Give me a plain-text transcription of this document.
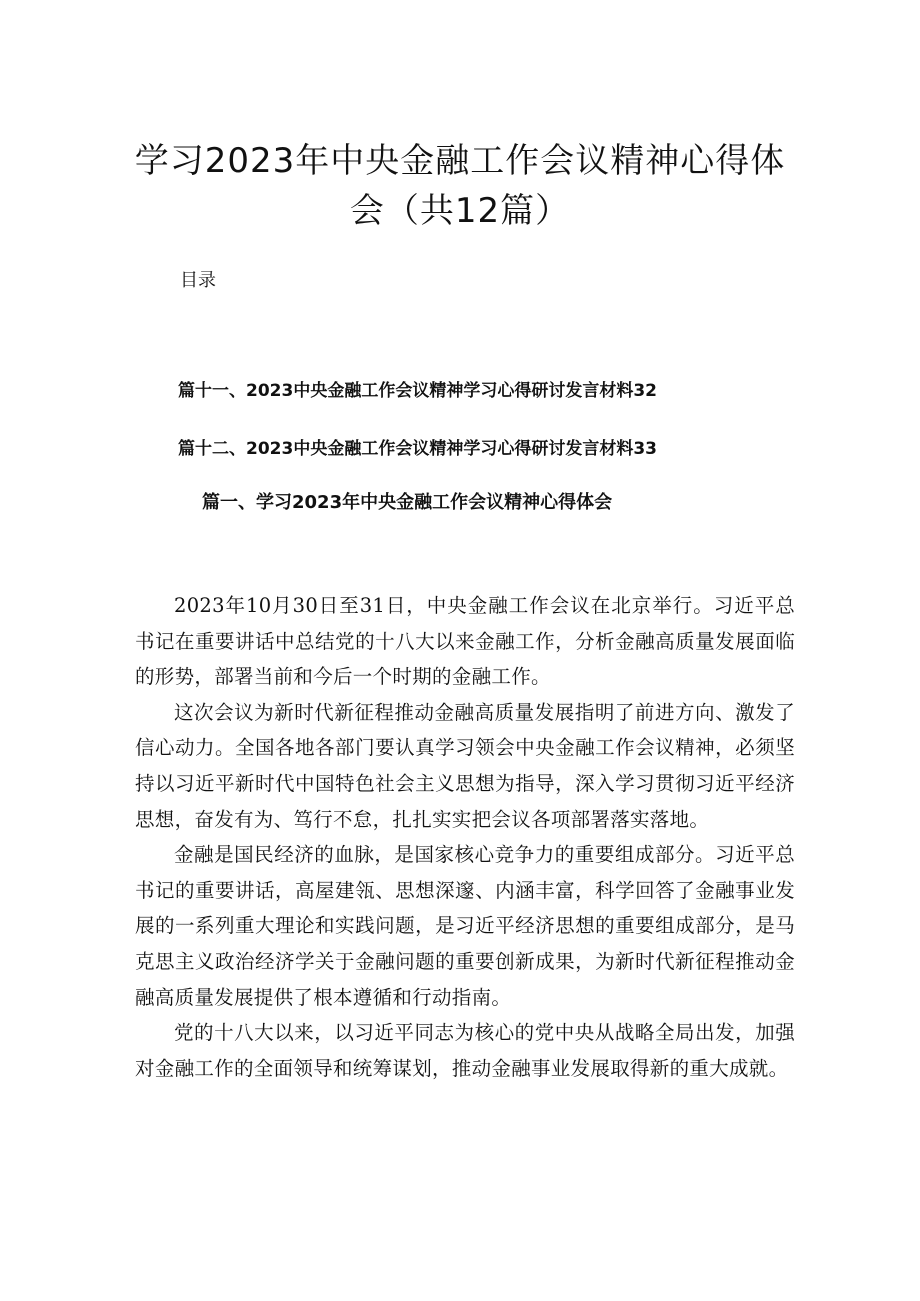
学习2023年中央金融工作会议精神心得体
会（共12篇）
目录
篇十一、2023中央金融工作会议精神学习心得研讨发言材料32
篇十二、2023中央金融工作会议精神学习心得研讨发言材料33
篇一、学习2023年中央金融工作会议精神心得体会

2023年10月30日至31日，中央金融工作会议在北京举行。习近平总书记在重要讲话中总结党的十八大以来金融工作，分析金融高质量发展面临的形势，部署当前和今后一个时期的金融工作。

这次会议为新时代新征程推动金融高质量发展指明了前进方向、激发了信心动力。全国各地各部门要认真学习领会中央金融工作会议精神，必须坚持以习近平新时代中国特色社会主义思想为指导，深入学习贯彻习近平经济思想，奋发有为、笃行不怠，扎扎实实把会议各项部署落实落地。

金融是国民经济的血脉，是国家核心竞争力的重要组成部分。习近平总书记的重要讲话，高屋建瓴、思想深邃、内涵丰富，科学回答了金融事业发展的一系列重大理论和实践问题，是习近平经济思想的重要组成部分，是马克思主义政治经济学关于金融问题的重要创新成果，为新时代新征程推动金融高质量发展提供了根本遵循和行动指南。

党的十八大以来，以习近平同志为核心的党中央从战略全局出发，加强对金融工作的全面领导和统筹谋划，推动金融事业发展取得新的重大成就。
